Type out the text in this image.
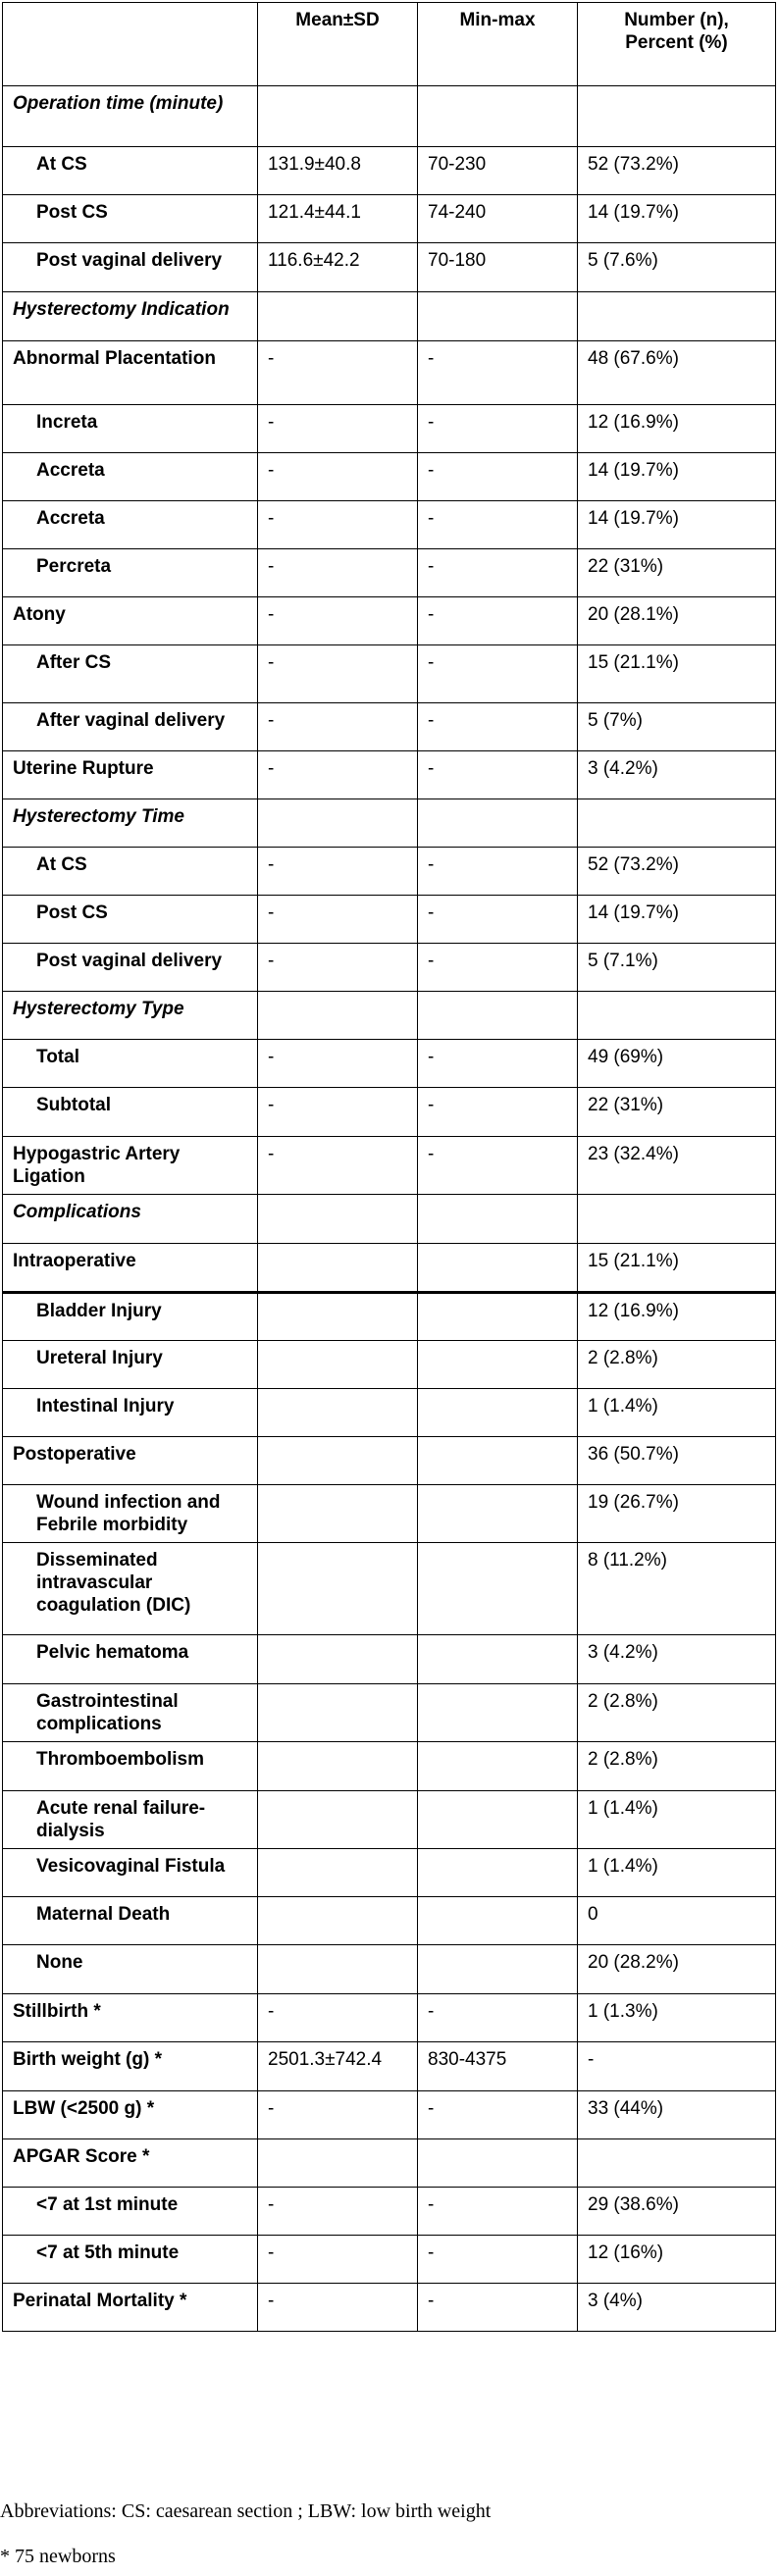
	Mean±SD	Min-max	Number (n), Percent (%)
Operation time (minute)			
At CS	131.9±40.8	70-230	52 (73.2%)
Post CS	121.4±44.1	74-240	14 (19.7%)
Post vaginal delivery	116.6±42.2	70-180	5 (7.6%)
Hysterectomy Indication			
Abnormal Placentation	-	-	48 (67.6%)
Increta	-	-	12 (16.9%)
Accreta	-	-	14 (19.7%)
Accreta	-	-	14 (19.7%)
Percreta	-	-	22 (31%)
Atony	-	-	20 (28.1%)
After CS	-	-	15 (21.1%)
After vaginal delivery	-	-	5 (7%)
Uterine Rupture	-	-	3 (4.2%)
Hysterectomy Time			
At CS	-	-	52 (73.2%)
Post CS	-	-	14 (19.7%)
Post vaginal delivery	-	-	5 (7.1%)
Hysterectomy Type			
Total	-	-	49 (69%)
Subtotal	-	-	22 (31%)
Hypogastric Artery Ligation	-	-	23 (32.4%)
Complications			
Intraoperative			15 (21.1%)
Bladder Injury			12 (16.9%)
Ureteral Injury			2 (2.8%)
Intestinal Injury			1 (1.4%)
Postoperative			36 (50.7%)
Wound infection and Febrile morbidity			19 (26.7%)
Disseminated intravascular coagulation (DIC)			8 (11.2%)
Pelvic hematoma			3 (4.2%)
Gastrointestinal complications			2 (2.8%)
Thromboembolism			2 (2.8%)
Acute renal failure-dialysis			1 (1.4%)
Vesicovaginal Fistula			1 (1.4%)
Maternal Death			0
None			20 (28.2%)
Stillbirth *	-	-	1 (1.3%)
Birth weight (g) *	2501.3±742.4	830-4375	-
LBW (<2500 g) *	-	-	33 (44%)
APGAR Score *			
<7 at 1st minute	-	-	29 (38.6%)
<7 at 5th minute	-	-	12 (16%)
Perinatal Mortality *	-	-	3 (4%)
Abbreviations: CS: caesarean section ; LBW: low birth weight
* 75 newborns
